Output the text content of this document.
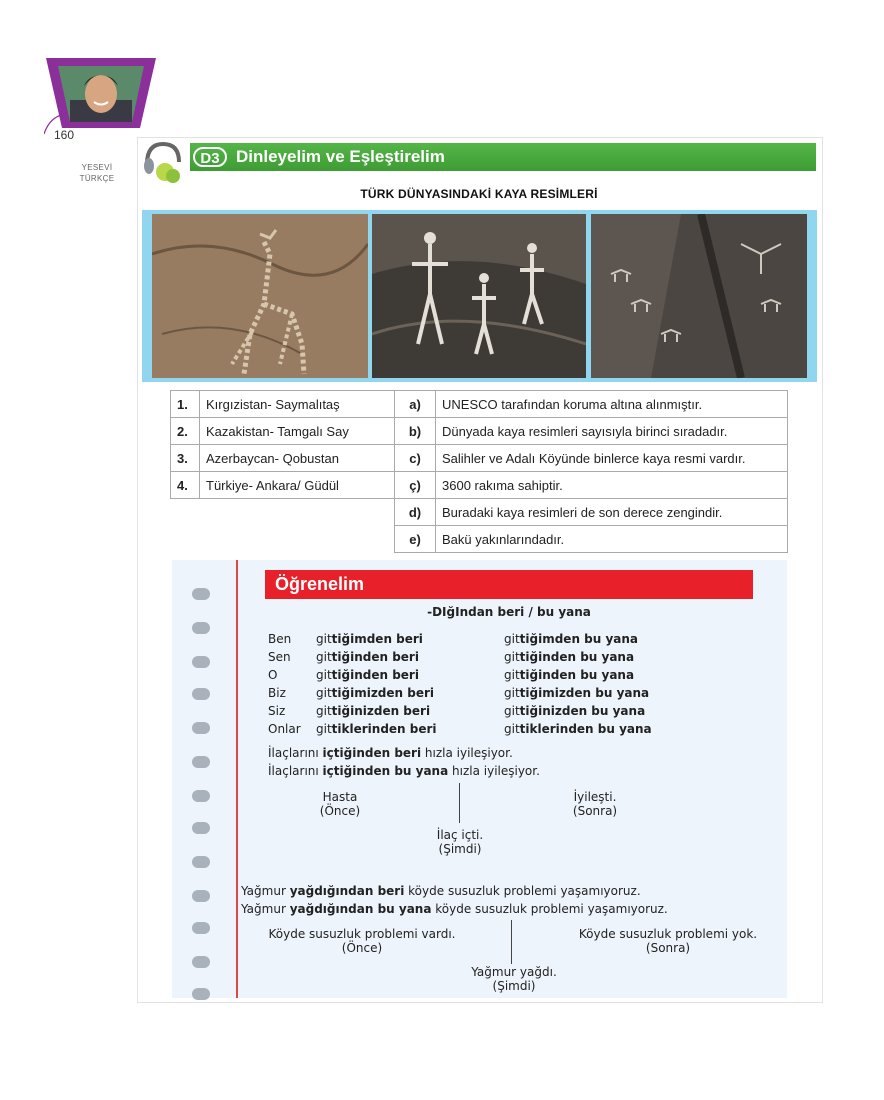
160
YESEVİ
TÜRKÇE
D3 Dinleyelim ve Eşleştirelim
TÜRK DÜNYASINDAKİ KAYA RESİMLERİ
1.	Kırgızistan- Saymalıtaş
2.	Kazakistan- Tamgalı Say
3.	Azerbaycan- Qobustan
4.	Türkiye- Ankara/ Güdül
a)	UNESCO tarafından koruma altına alınmıştır.
b)	Dünyada kaya resimleri sayısıyla birinci sıradadır.
c)	Salihler ve Adalı Köyünde binlerce kaya resmi vardır.
ç)	3600 rakıma sahiptir.
d)	Buradaki kaya resimleri de son derece zengindir.
e)	Bakü yakınlarındadır.
Öğrenelim
-DIğIndan beri / bu yana
Ben gittiğimden beri	gittiğimden bu yana
Sen gittiğinden beri	gittiğinden bu yana
O	gittiğinden beri	gittiğinden bu yana
Biz	gittiğimizden beri	gittiğimizden bu yana
Siz	gittiğinizden beri	gittiğinizden bu yana
Onlar gittiklerinden beri	gittiklerinden bu yana
İlaçlarını içtiğinden beri hızla iyileşiyor.
İlaçlarını içtiğinden bu yana hızla iyileşiyor.
Hasta
(Önce)
İyileşti.
(Sonra)
İlaç içti.
(Şimdi)
Yağmur yağdığından beri köyde susuzluk problemi yaşamıyoruz.
Yağmur yağdığından bu yana köyde susuzluk problemi yaşamıyoruz.
Köyde susuzluk problemi vardı.
(Önce)
Köyde susuzluk problemi yok.
(Sonra)
Yağmur yağdı.
(Şimdi)
